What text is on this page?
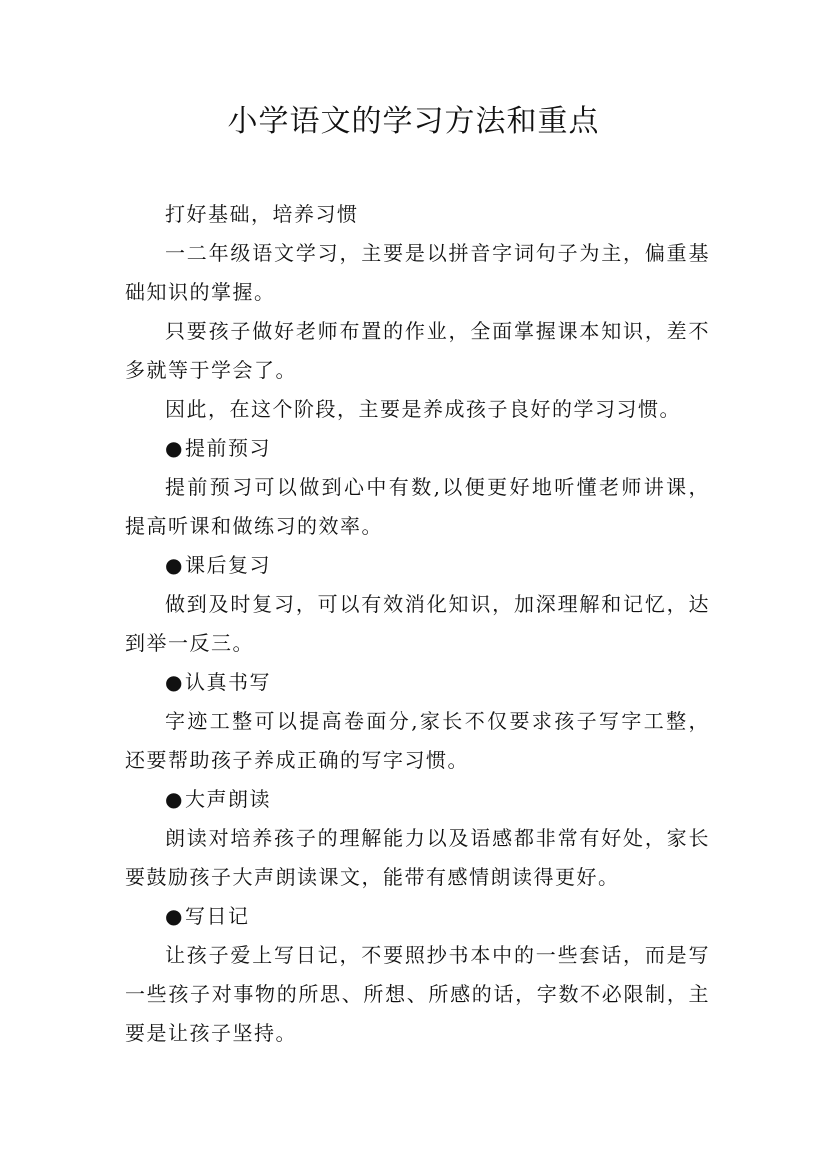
小学语文的学习方法和重点

打好基础，培养习惯

一二年级语文学习，主要是以拼音字词句子为主，偏重基础知识的掌握。

只要孩子做好老师布置的作业，全面掌握课本知识，差不多就等于学会了。

因此，在这个阶段，主要是养成孩子良好的学习习惯。

●提前预习

提前预习可以做到心中有数,以便更好地听懂老师讲课，提高听课和做练习的效率。

●课后复习

做到及时复习，可以有效消化知识，加深理解和记忆，达到举一反三。

●认真书写

字迹工整可以提高卷面分,家长不仅要求孩子写字工整，还要帮助孩子养成正确的写字习惯。

●大声朗读

朗读对培养孩子的理解能力以及语感都非常有好处，家长要鼓励孩子大声朗读课文，能带有感情朗读得更好。

●写日记

让孩子爱上写日记，不要照抄书本中的一些套话，而是写一些孩子对事物的所思、所想、所感的话，字数不必限制，主要是让孩子坚持。
